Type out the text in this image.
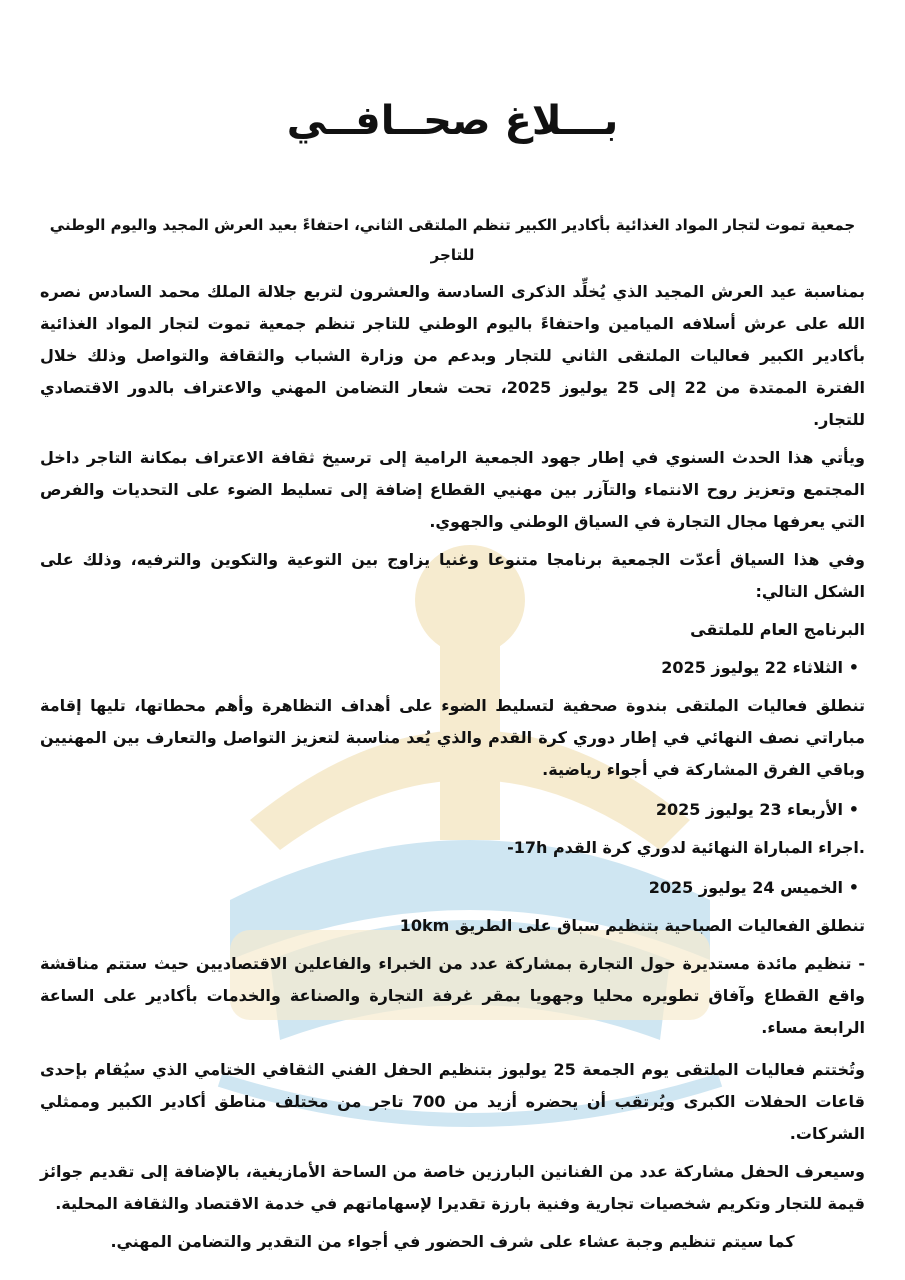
بـــلاغ صحــافــي

جمعية تموت لتجار المواد الغذائية بأكادير الكبير تنظم الملتقى الثاني، احتفاءً بعيد العرش المجيد واليوم الوطني للتاجر

بمناسبة عيد العرش المجيد الذي يُخلِّد الذكرى السادسة والعشرون لتربع جلالة الملك محمد السادس نصره الله على عرش أسلافه الميامين واحتفاءً باليوم الوطني للتاجر تنظم جمعية تموت لتجار المواد الغذائية بأكادير الكبير فعاليات الملتقى الثاني للتجار وبدعم من وزارة الشباب والثقافة والتواصل وذلك خلال الفترة الممتدة من 22 إلى 25 يوليوز 2025، تحت شعار التضامن المهني والاعتراف بالدور الاقتصادي للتجار.

ويأتي هذا الحدث السنوي في إطار جهود الجمعية الرامية إلى ترسيخ ثقافة الاعتراف بمكانة التاجر داخل المجتمع وتعزيز روح الانتماء والتآزر بين مهنيي القطاع إضافة إلى تسليط الضوء على التحديات والفرص التي يعرفها مجال التجارة في السياق الوطني والجهوي.

وفي هذا السياق أعدّت الجمعية برنامجا متنوعا وغنيا يزاوج بين التوعية والتكوين والترفيه، وذلك على الشكل التالي:

البرنامج العام للملتقى

•
الثلاثاء 22 يوليوز 2025

تنطلق فعاليات الملتقى بندوة صحفية لتسليط الضوء على أهداف التظاهرة وأهم محطاتها، تليها إقامة مباراتي نصف النهائي في إطار دوري كرة القدم والذي يُعد مناسبة لتعزيز التواصل والتعارف بين المهنيين وباقي الفرق المشاركة في أجواء رياضية.

•
الأربعاء 23 يوليوز 2025

.اجراء المباراة النهائية لدوري كرة القدم 17h-

•
الخميس 24 يوليوز 2025

تنطلق الفعاليات الصباحية بتنظيم سباق على الطريق 10km

- تنظيم مائدة مستديرة حول التجارة بمشاركة عدد من الخبراء والفاعلين الاقتصاديين حيث ستتم مناقشة واقع القطاع وآفاق تطويره محليا وجهويا بمقر غرفة التجارة والصناعة والخدمات بأكادير على الساعة الرابعة مساء.

وتُختتم فعاليات الملتقى يوم الجمعة 25 يوليوز بتنظيم الحفل الفني الثقافي الختامي الذي سيُقام بإحدى قاعات الحفلات الكبرى ويُرتقب أن يحضره أزيد من 700 تاجر من مختلف مناطق أكادير الكبير وممثلي الشركات.

وسيعرف الحفل مشاركة عدد من الفنانين البارزين خاصة من الساحة الأمازيغية، بالإضافة إلى تقديم جوائز قيمة للتجار وتكريم شخصيات تجارية وفنية بارزة تقديرا لإسهاماتهم في خدمة الاقتصاد والثقافة المحلية.

كما سيتم تنظيم وجبة عشاء على شرف الحضور في أجواء من التقدير والتضامن المهني.
